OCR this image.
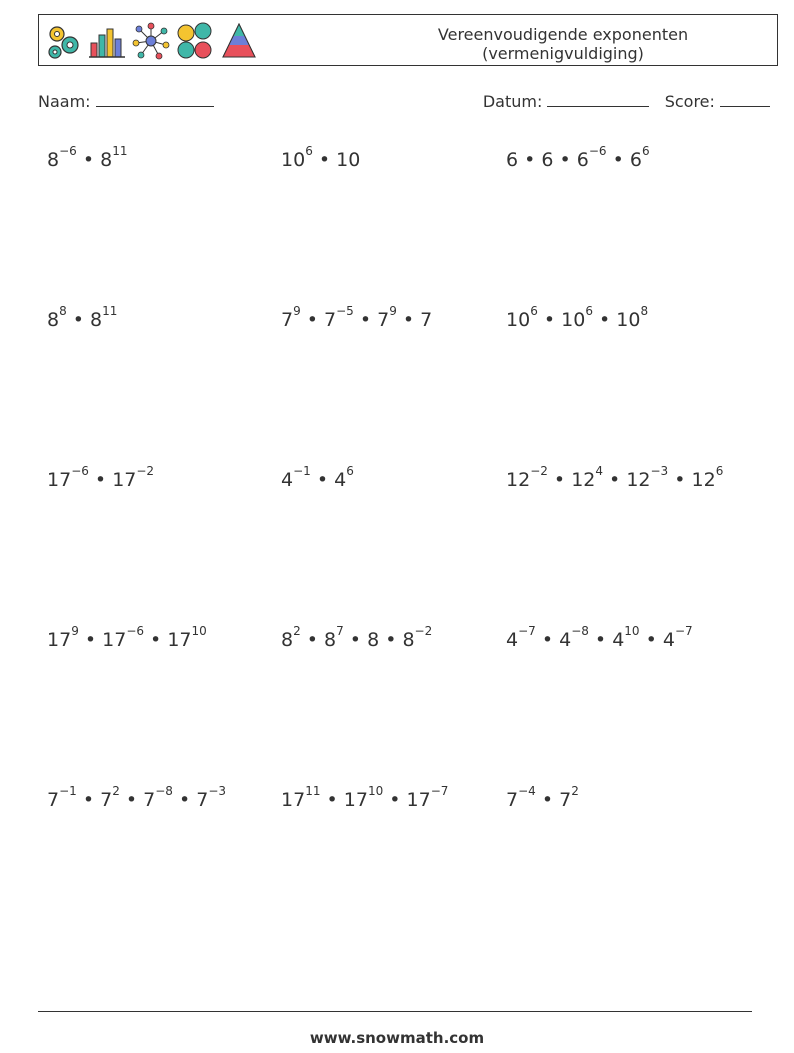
Vereenvoudigende exponenten
(vermenigvuldiging)
Naam:	Datum:	Score:
$8^{-6}$ • $8^{11}$	$10^6$ • 10	6 • 6 • $6^{-6}$ • $6^6$
$8^8$ • $8^{11}$	$7^9$ • $7^{-5}$ • $7^9$ • 7	$10^6$ • $10^6$ • $10^8$
$17^{-6}$ • $17^{-2}$	$4^{-1}$ • $4^6$	$12^{-2}$ • $12^4$ • $12^{-3}$ • $12^6$
$17^9$ • $17^{-6}$ • $17^{10}$	$8^2$ • $8^7$ • 8 • $8^{-2}$	$4^{-7}$ • $4^{-8}$ • $4^{10}$ • $4^{-7}$
$7^{-1}$ • $7^2$ • $7^{-8}$ • $7^{-3}$	$17^{11}$ • $17^{10}$ • $17^{-7}$	$7^{-4}$ • $7^2$
www.snowmath.com
